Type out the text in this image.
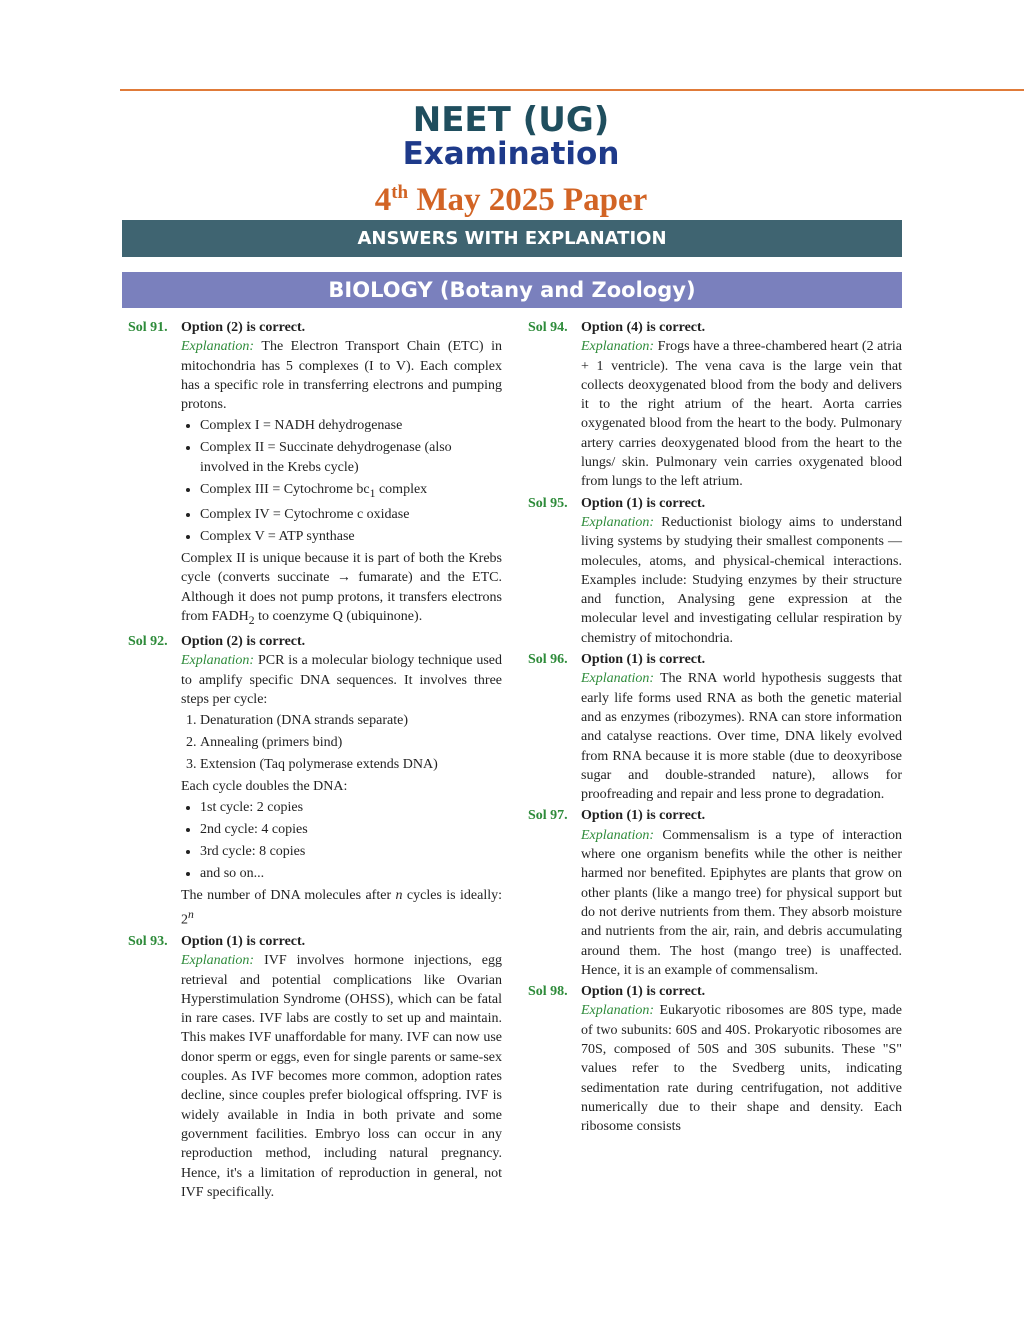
NEET (UG)
Examination
4th May 2025 Paper
ANSWERS WITH EXPLANATION
BIOLOGY (Botany and Zoology)
Sol 91. Option (2) is correct.

Explanation: The Electron Transport Chain (ETC) in mitochondria has 5 complexes (I to V). Each complex has a specific role in transferring electrons and pumping protons.

• Complex I = NADH dehydrogenase
• Complex II = Succinate dehydrogenase (also involved in the Krebs cycle)
• Complex III = Cytochrome $bc_1$ complex
• Complex IV = Cytochrome c oxidase
• Complex V = ATP synthase

Complex II is unique because it is part of both the Krebs cycle (converts succinate → fumarate) and the ETC. Although it does not pump protons, it transfers electrons from $FADH_2$ to coenzyme Q (ubiquinone).

Sol 92. Option (2) is correct.

Explanation: PCR is a molecular biology technique used to amplify specific DNA sequences. It involves three steps per cycle:

1. Denaturation (DNA strands separate)
2. Annealing (primers bind)
3. Extension (Taq polymerase extends DNA)

Each cycle doubles the DNA:

• 1st cycle: 2 copies
• 2nd cycle: 4 copies
• 3rd cycle: 8 copies
• and so on...

The number of DNA molecules after n cycles is ideally: 2$^n$

Sol 93. Option (1) is correct.

Explanation: IVF involves hormone injections, egg retrieval and potential complications like Ovarian Hyperstimulation Syndrome (OHSS), which can be fatal in rare cases. IVF labs are costly to set up and maintain. This makes IVF unaffordable for many. IVF can now use donor sperm or eggs, even for single parents or same-sex couples. As IVF becomes more common, adoption rates decline, since couples prefer biological offspring. IVF is widely available in India in both private and some government facilities. Embryo loss can occur in any reproduction method, including natural pregnancy. Hence, it's a limitation of reproduction in general, not IVF specifically.

Sol 94. Option (4) is correct.

Explanation: Frogs have a three-chambered heart (2 atria + 1 ventricle). The vena cava is the large vein that collects deoxygenated blood from the body and delivers it to the right atrium of the heart. Aorta carries oxygenated blood from the heart to the body. Pulmonary artery carries deoxygenated blood from the heart to the lungs/ skin. Pulmonary vein carries oxygenated blood from lungs to the left atrium.

Sol 95. Option (1) is correct.

Explanation: Reductionist biology aims to understand living systems by studying their smallest components — molecules, atoms, and physical-chemical interactions. Examples include: Studying enzymes by their structure and function, Analysing gene expression at the molecular level and investigating cellular respiration by chemistry of mitochondria.

Sol 96. Option (1) is correct.

Explanation: The RNA world hypothesis suggests that early life forms used RNA as both the genetic material and as enzymes (ribozymes). RNA can store information and catalyse reactions. Over time, DNA likely evolved from RNA because it is more stable (due to deoxyribose sugar and double-stranded nature), allows for proofreading and repair and less prone to degradation.

Sol 97. Option (1) is correct.

Explanation: Commensalism is a type of interaction where one organism benefits while the other is neither harmed nor benefited. Epiphytes are plants that grow on other plants (like a mango tree) for physical support but do not derive nutrients from them. They absorb moisture and nutrients from the air, rain, and debris accumulating around them. The host (mango tree) is unaffected. Hence, it is an example of commensalism.

Sol 98. Option (1) is correct.

Explanation: Eukaryotic ribosomes are 80S type, made of two subunits: 60S and 40S. Prokaryotic ribosomes are 70S, composed of 50S and 30S subunits. These "S" values refer to the Svedberg units, indicating sedimentation rate during centrifugation, not additive numerically due to their shape and density. Each ribosome consists
